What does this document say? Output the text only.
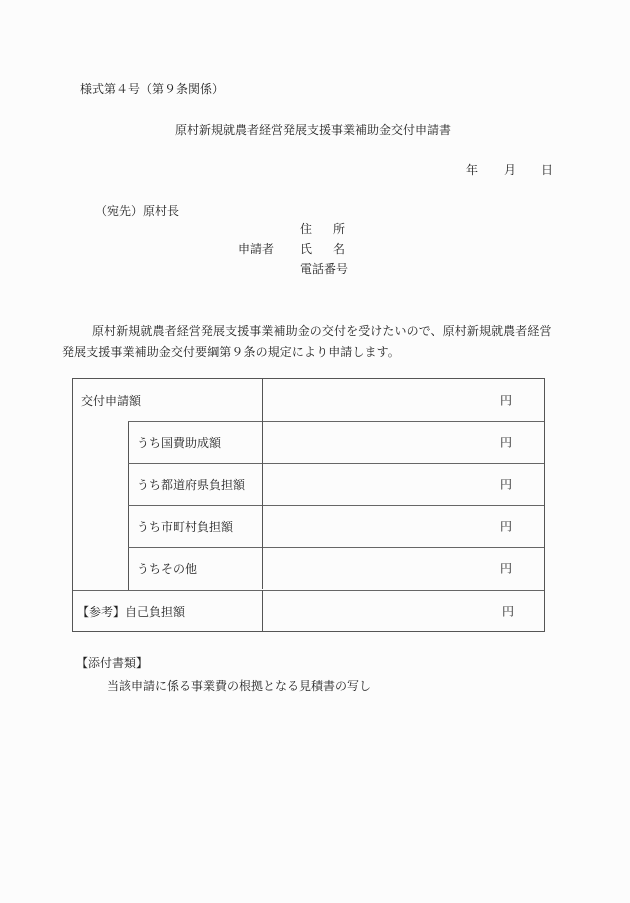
様式第４号（第９条関係）
原村新規就農者経営発展支援事業補助金交付申請書
年 月 日
（宛先）原村長
申請者
住 所
氏 名
電話番号
原村新規就農者経営発展支援事業補助金の交付を受けたいので、原村新規就農者経営
発展支援事業補助金交付要綱第９条の規定により申請します。
交付申請額	円
うち国費助成額	円
うち都道府県負担額	円
うち市町村負担額	円
うちその他	円
【参考】自己負担額	円
【添付書類】
当該申請に係る事業費の根拠となる見積書の写し
